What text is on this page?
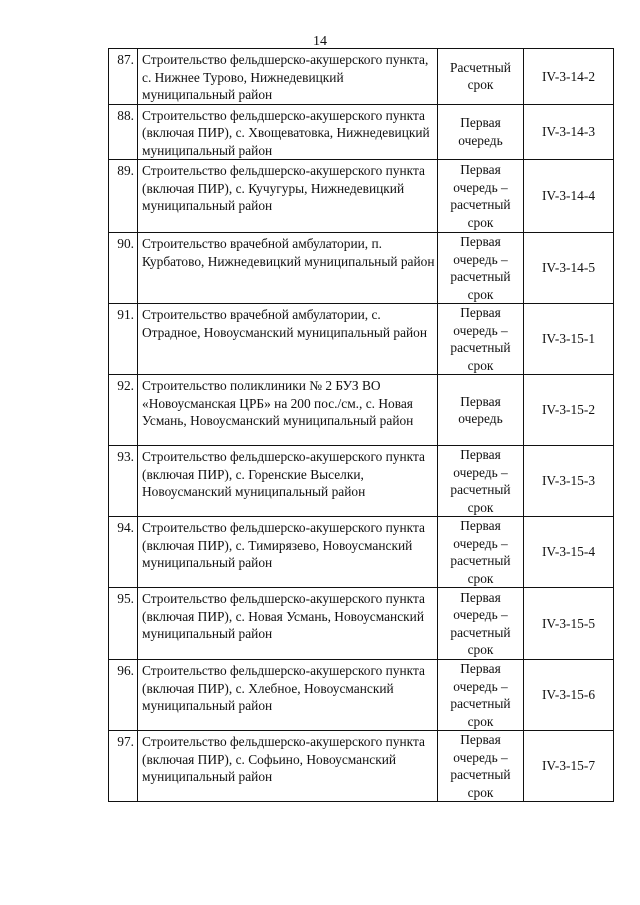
14
87.	Строительство фельдшерско-акушерского пункта, с. Нижнее Турово, Нижнедевицкий муниципальный район	Расчетный срок	IV-3-14-2
88.	Строительство фельдшерско-акушерского пункта (включая ПИР), с. Хвощеватовка, Нижнедевицкий муниципальный район	Первая очередь	IV-3-14-3
89.	Строительство фельдшерско-акушерского пункта (включая ПИР), с. Кучугуры, Нижнедевицкий муниципальный район	Первая очередь – расчетный срок	IV-3-14-4
90.	Строительство врачебной амбулатории, п. Курбатово, Нижнедевицкий муниципальный район	Первая очередь – расчетный срок	IV-3-14-5
91.	Строительство врачебной амбулатории, с. Отрадное, Новоусманский муниципальный район	Первая очередь – расчетный срок	IV-3-15-1
92.	Строительство поликлиники № 2 БУЗ ВО «Новоусманская ЦРБ» на 200 пос./см., с. Новая Усмань, Новоусманский муниципальный район	Первая очередь	IV-3-15-2
93.	Строительство фельдшерско-акушерского пункта (включая ПИР), с. Горенские Выселки, Новоусманский муниципальный район	Первая очередь – расчетный срок	IV-3-15-3
94.	Строительство фельдшерско-акушерского пункта (включая ПИР), с. Тимирязево, Новоусманский муниципальный район	Первая очередь – расчетный срок	IV-3-15-4
95.	Строительство фельдшерско-акушерского пункта (включая ПИР), с. Новая Усмань, Новоусманский муниципальный район	Первая очередь – расчетный срок	IV-3-15-5
96.	Строительство фельдшерско-акушерского пункта (включая ПИР), с. Хлебное, Новоусманский муниципальный район	Первая очередь – расчетный срок	IV-3-15-6
97.	Строительство фельдшерско-акушерского пункта (включая ПИР), с. Софьино, Новоусманский муниципальный район	Первая очередь – расчетный срок	IV-3-15-7
